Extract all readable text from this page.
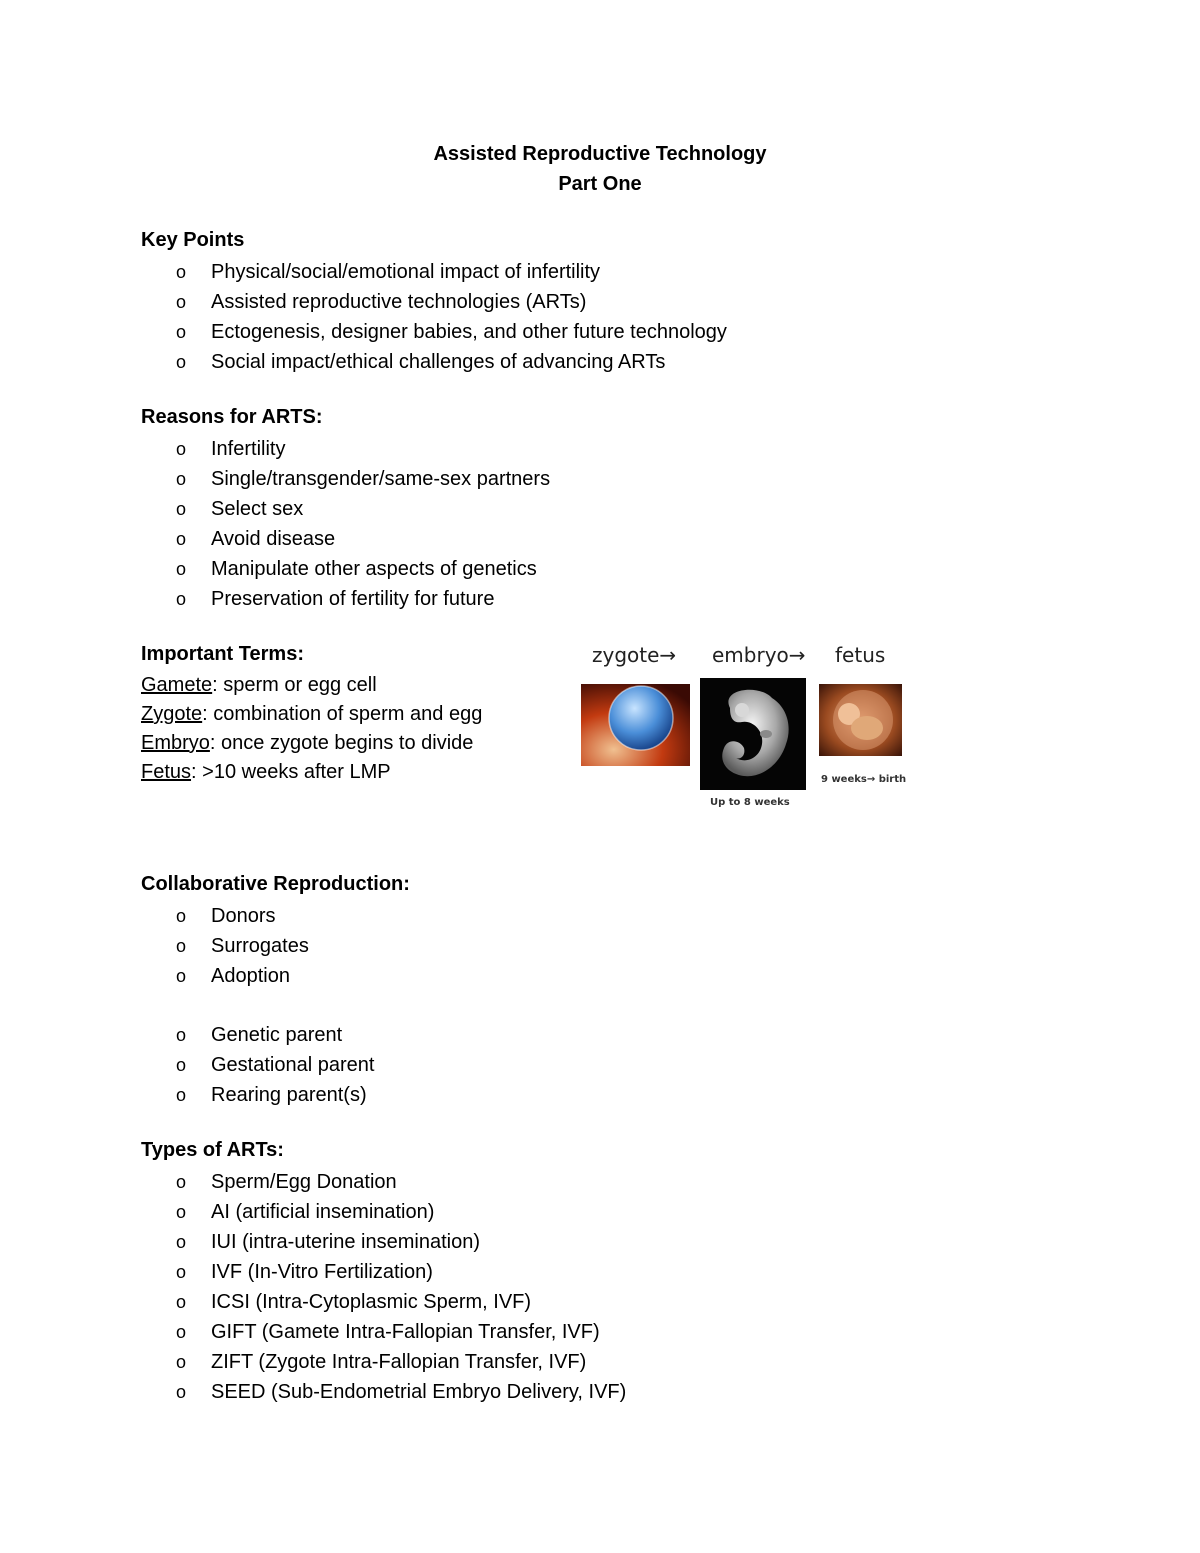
Assisted Reproductive Technology
Part One
Key Points
o Physical/social/emotional impact of infertility
o Assisted reproductive technologies (ARTs)
o Ectogenesis, designer babies, and other future technology
o Social impact/ethical challenges of advancing ARTs
Reasons for ARTS:
o Infertility
o Single/transgender/same-sex partners
o Select sex
o Avoid disease
o Manipulate other aspects of genetics
o Preservation of fertility for future
Important Terms:
Gamete: sperm or egg cell
Zygote: combination of sperm and egg
Embryo: once zygote begins to divide
Fetus: >10 weeks after LMP
zygote→ embryo→ fetus
Up to 8 weeks
9 weeks→ birth
Collaborative Reproduction:
o Donors
o Surrogates
o Adoption
o Genetic parent
o Gestational parent
o Rearing parent(s)
Types of ARTs:
o Sperm/Egg Donation
o AI (artificial insemination)
o IUI (intra-uterine insemination)
o IVF (In-Vitro Fertilization)
o ICSI (Intra-Cytoplasmic Sperm, IVF)
o GIFT (Gamete Intra-Fallopian Transfer, IVF)
o ZIFT (Zygote Intra-Fallopian Transfer, IVF)
o SEED (Sub-Endometrial Embryo Delivery, IVF)
